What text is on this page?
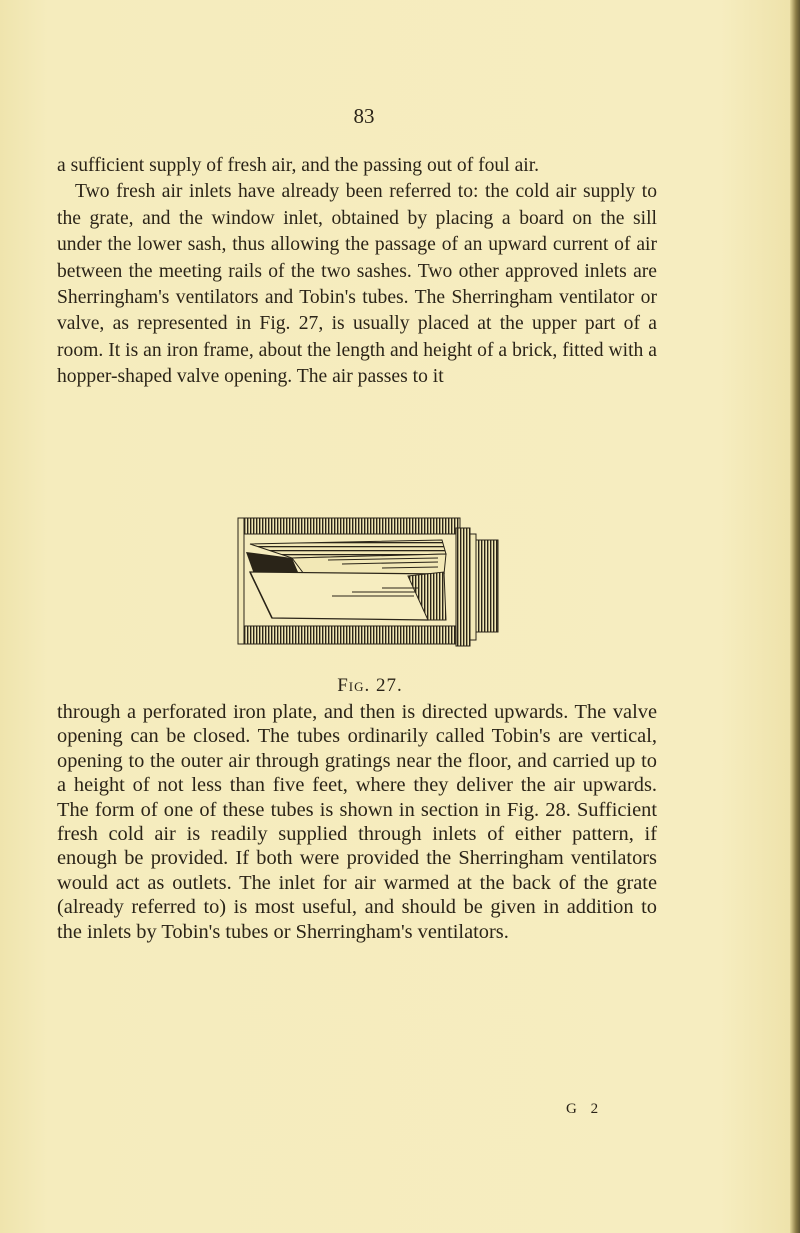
83

a sufficient supply of fresh air, and the passing out of foul air.

Two fresh air inlets have already been referred to: the cold air supply to the grate, and the window inlet, obtained by placing a board on the sill under the lower sash, thus allowing the passage of an upward current of air between the meeting rails of the two sashes. Two other approved inlets are Sherringham's ventilators and Tobin's tubes. The Sherringham ventilator or valve, as represented in Fig. 27, is usually placed at the upper part of a room. It is an iron frame, about the length and height of a brick, fitted with a hopper-shaped valve opening. The air passes to it

Fig. 27.

through a perforated iron plate, and then is directed upwards. The valve opening can be closed. The tubes ordinarily called Tobin's are vertical, opening to the outer air through gratings near the floor, and carried up to a height of not less than five feet, where they deliver the air upwards. The form of one of these tubes is shown in section in Fig. 28. Sufficient fresh cold air is readily supplied through inlets of either pattern, if enough be provided. If both were provided the Sherringham ventilators would act as outlets. The inlet for air warmed at the back of the grate (already referred to) is most useful, and should be given in addition to the inlets by Tobin's tubes or Sherringham's ventilators.

G 2
